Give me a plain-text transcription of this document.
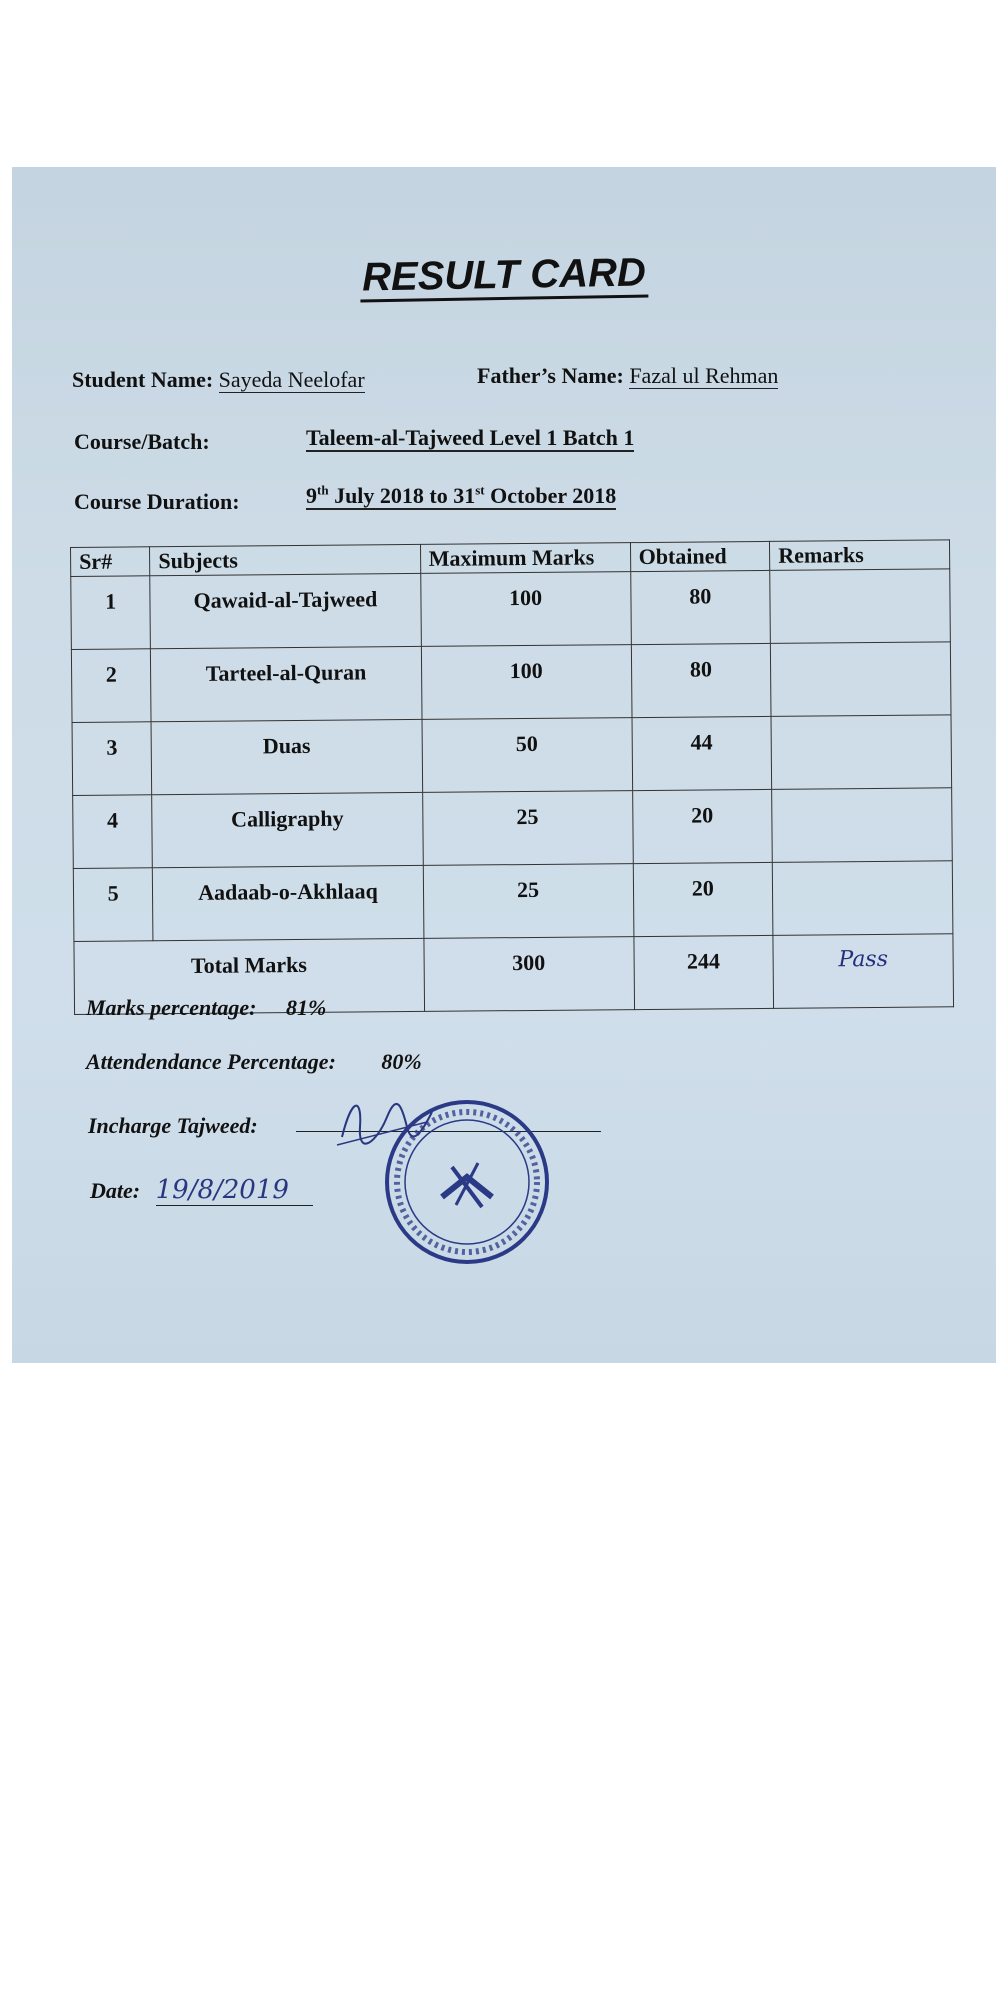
RESULT CARD
Student Name: Sayeda Neelofar	Father’s Name: Fazal ul Rehman
Course/Batch:	Taleem-al-Tajweed Level 1 Batch 1
Course Duration:	9th July 2018 to 31st October 2018
Sr#	Subjects	Maximum Marks	Obtained	Remarks
1	Qawaid-al-Tajweed	100	80	
2	Tarteel-al-Quran	100	80	
3	Duas	50	44	
4	Calligraphy	25	20	
5	Aadaab-o-Akhlaaq	25	20	
Total Marks		300	244	Pass
Marks percentage: 81%
Attendendance Percentage: 80%
Incharge Tajweed:
Date: 19/8/2019
